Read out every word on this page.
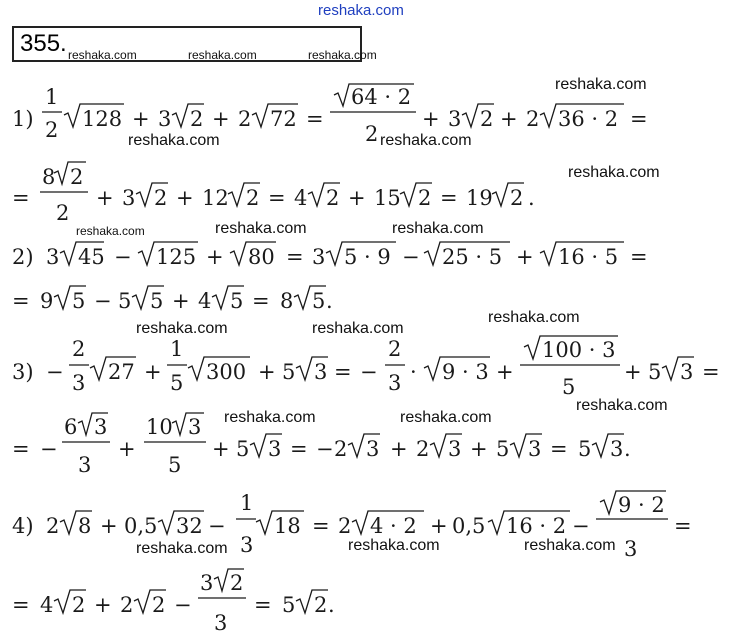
reshaka.com
355. reshaka.com	reshaka.com	reshaka.com
reshaka.com
reshaka.com	reshaka.com
reshaka.com
reshaka.com	reshaka.com	reshaka.com
reshaka.com	reshaka.com
reshaka.com
reshaka.com
reshaka.com	reshaka.com
reshaka.com	reshaka.com	reshaka.com
1)
1
2 128 + 3 2 + 2 72 =
64 · 2
2
+ 3 2 + 2 36 · 2 =
=
8 2
2
+ 3 2 + 12 2 = 4 2 + 15 2 = 19 2 .
2) 3 45 − 125 + 80 = 3 5 · 9 − 25 · 5 + 16 · 5 =
= 9 5 − 5 5 + 4 5 = 8 5 .
3) −
2
3 27 +
1
5 300 + 5 3 = −
2
3 · 9 · 3 +
100 · 3
5
+ 5 3 =
= −
6 3
3
+
10 3
5
+ 5 3 = − 2 3 + 2 3 + 5 3 = 5 3 .
4) 2 8 + 0,5 32 −
1
3
18 = 2 4 · 2 + 0,5 16 · 2 −
9 · 2
3
=
= 4 2 + 2 2 −
3 2
3
= 5 2 .
